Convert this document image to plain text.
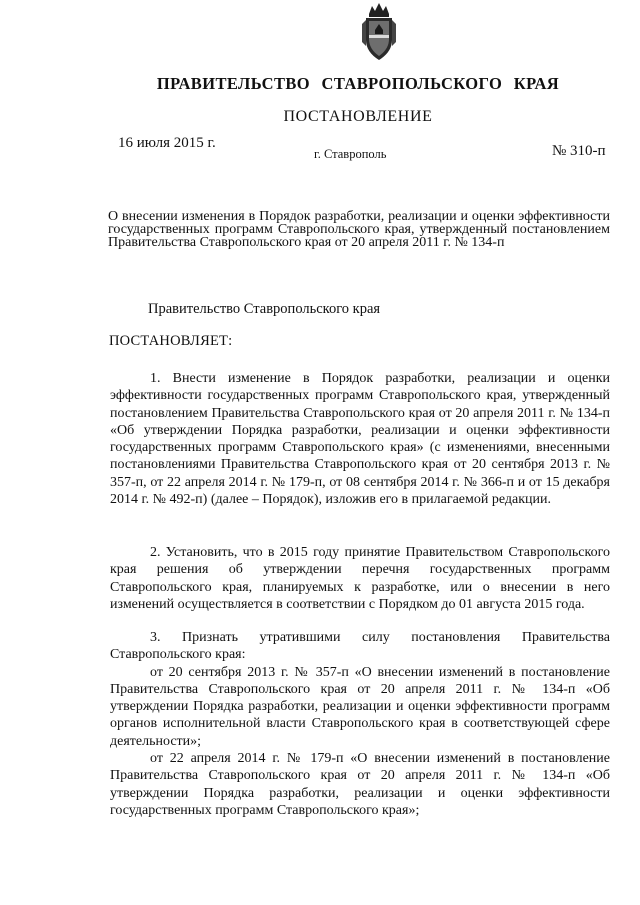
ПРАВИТЕЛЬСТВО СТАВРОПОЛЬСКОГО КРАЯ
ПОСТАНОВЛЕНИЕ
16 июля 2015 г.
г. Ставрополь	№ 310-п
О внесении изменения в Порядок разработки, реализации и оценки эффективности государственных программ Ставропольского края, утвержденный постановлением Правительства Ставропольского края от 20 апреля 2011 г. № 134-п
Правительство Ставропольского края
ПОСТАНОВЛЯЕТ:

1. Внести изменение в Порядок разработки, реализации и оценки эффективности государственных программ Ставропольского края, утвержденный постановлением Правительства Ставропольского края от 20 апреля 2011 г. № 134-п «Об утверждении Порядка разработки, реализации и оценки эффективности государственных программ Ставропольского края» (с изменениями, внесенными постановлениями Правительства Ставропольского края от 20 сентября 2013 г. № 357-п, от 22 апреля 2014 г. № 179-п, от 08 сентября 2014 г. № 366-п и от 15 декабря 2014 г. № 492-п) (далее – Порядок), изложив его в прилагаемой редакции.

2. Установить, что в 2015 году принятие Правительством Ставропольского края решения об утверждении перечня государственных программ Ставропольского края, планируемых к разработке, или о внесении в него изменений осуществляется в соответствии с Порядком до 01 августа 2015 года.

3. Признать утратившими силу постановления Правительства Ставропольского края:
от 20 сентября 2013 г. № 357-п «О внесении изменений в постановление Правительства Ставропольского края от 20 апреля 2011 г. № 134-п «Об утверждении Порядка разработки, реализации и оценки эффективности программ органов исполнительной власти Ставропольского края в соответствующей сфере деятельности»;
от 22 апреля 2014 г. № 179-п «О внесении изменений в постановление Правительства Ставропольского края от 20 апреля 2011 г. № 134-п «Об утверждении Порядка разработки, реализации и оценки эффективности государственных программ Ставропольского края»;
